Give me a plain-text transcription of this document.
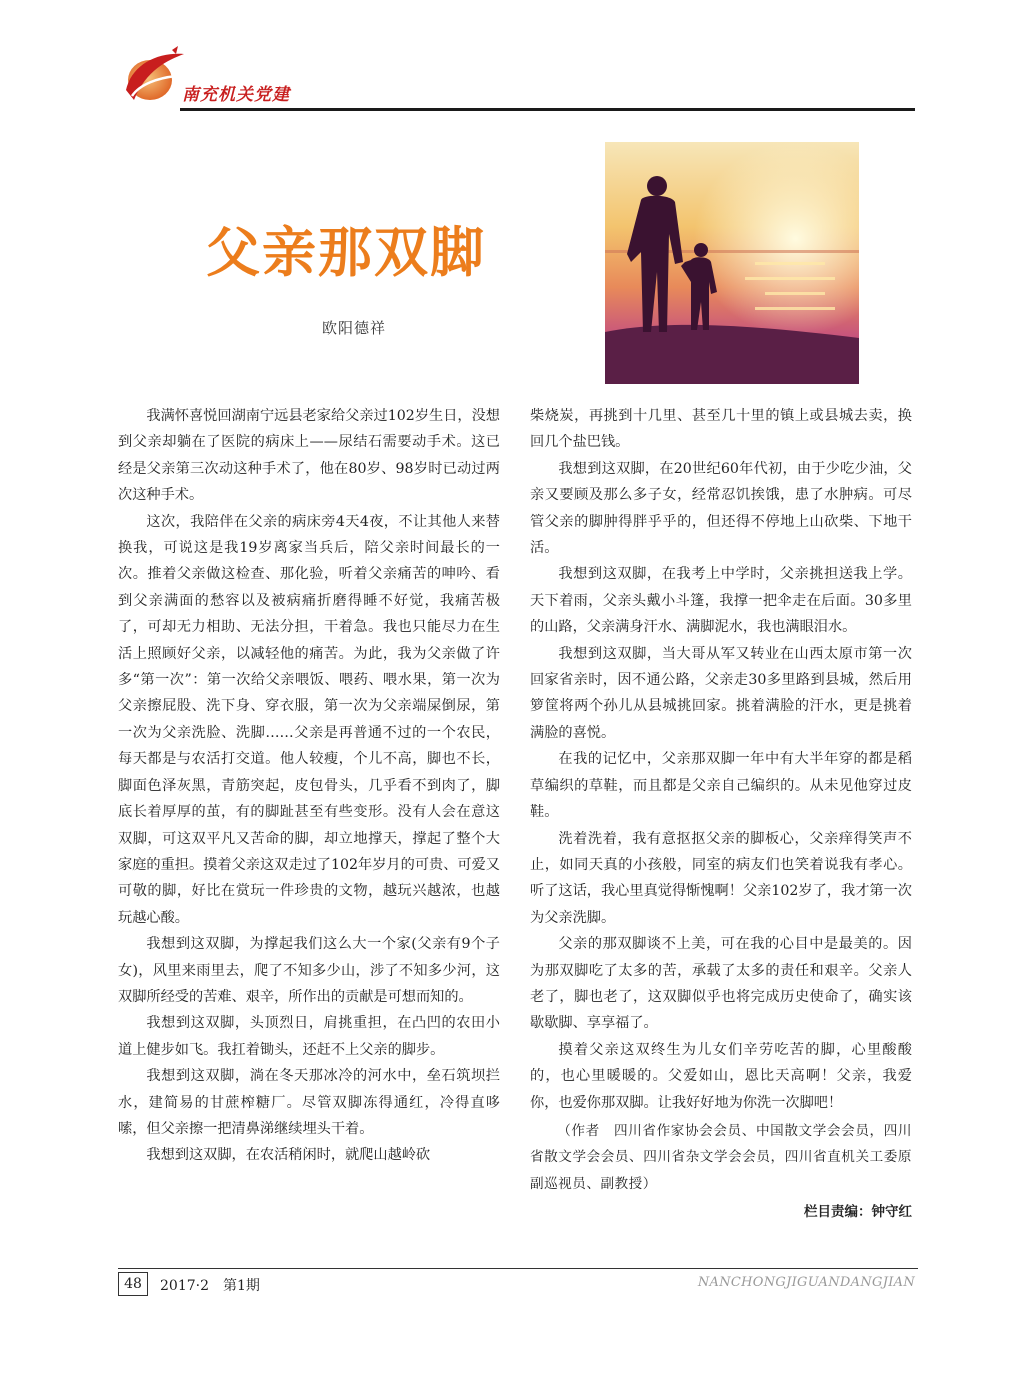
南充机关党建
父亲那双脚
欧阳德祥

我满怀喜悦回湖南宁远县老家给父亲过102岁生日，没想到父亲却躺在了医院的病床上——尿结石需要动手术。这已经是父亲第三次动这种手术了，他在80岁、98岁时已动过两次这种手术。

这次，我陪伴在父亲的病床旁4天4夜，不让其他人来替换我，可说这是我19岁离家当兵后，陪父亲时间最长的一次。推着父亲做这检查、那化验，听着父亲痛苦的呻吟、看到父亲满面的愁容以及被病痛折磨得睡不好觉，我痛苦极了，可却无力相助、无法分担，干着急。我也只能尽力在生活上照顾好父亲，以减轻他的痛苦。为此，我为父亲做了许多“第一次”：第一次给父亲喂饭、喂药、喂水果，第一次为父亲擦屁股、洗下身、穿衣服，第一次为父亲端屎倒尿，第一次为父亲洗脸、洗脚……父亲是再普通不过的一个农民，每天都是与农活打交道。他人较瘦，个儿不高，脚也不长，脚面色泽灰黑，青筋突起，皮包骨头，几乎看不到肉了，脚底长着厚厚的茧，有的脚趾甚至有些变形。没有人会在意这双脚，可这双平凡又苦命的脚，却立地撑天，撑起了整个大家庭的重担。摸着父亲这双走过了102年岁月的可贵、可爱又可敬的脚，好比在赏玩一件珍贵的文物，越玩兴越浓，也越玩越心酸。

我想到这双脚，为撑起我们这么大一个家(父亲有9个子女)，风里来雨里去，爬了不知多少山，涉了不知多少河，这双脚所经受的苦难、艰辛，所作出的贡献是可想而知的。

我想到这双脚，头顶烈日，肩挑重担，在凸凹的农田小道上健步如飞。我扛着锄头，还赶不上父亲的脚步。

我想到这双脚，淌在冬天那冰冷的河水中，垒石筑坝拦水，建简易的甘蔗榨糖厂。尽管双脚冻得通红，冷得直哆嗦，但父亲擦一把清鼻涕继续埋头干着。

我想到这双脚，在农活稍闲时，就爬山越岭砍

柴烧炭，再挑到十几里、甚至几十里的镇上或县城去卖，换回几个盐巴钱。

我想到这双脚，在20世纪60年代初，由于少吃少油，父亲又要顾及那么多子女，经常忍饥挨饿，患了水肿病。可尽管父亲的脚肿得胖乎乎的，但还得不停地上山砍柴、下地干活。

我想到这双脚，在我考上中学时，父亲挑担送我上学。天下着雨，父亲头戴小斗篷，我撑一把伞走在后面。30多里的山路，父亲满身汗水、满脚泥水，我也满眼泪水。

我想到这双脚，当大哥从军又转业在山西太原市第一次回家省亲时，因不通公路，父亲走30多里路到县城，然后用箩筐将两个孙儿从县城挑回家。挑着满脸的汗水，更是挑着满脸的喜悦。

在我的记忆中，父亲那双脚一年中有大半年穿的都是稻草编织的草鞋，而且都是父亲自己编织的。从未见他穿过皮鞋。

洗着洗着，我有意抠抠父亲的脚板心，父亲痒得笑声不止，如同天真的小孩般，同室的病友们也笑着说我有孝心。听了这话，我心里真觉得惭愧啊！父亲102岁了，我才第一次为父亲洗脚。

父亲的那双脚谈不上美，可在我的心目中是最美的。因为那双脚吃了太多的苦，承载了太多的责任和艰辛。父亲人老了，脚也老了，这双脚似乎也将完成历史使命了，确实该歇歇脚、享享福了。

摸着父亲这双终生为儿女们辛劳吃苦的脚，心里酸酸的，也心里暖暖的。父爱如山，恩比天高啊！父亲，我爱你，也爱你那双脚。让我好好地为你洗一次脚吧！

（作者　四川省作家协会会员、中国散文学会会员，四川省散文学会会员、四川省杂文学会会员，四川省直机关工委原副巡视员、副教授）

栏目责编：钟守红

48	2017·2　第1期	NANCHONGJIGUANDANGJIAN
